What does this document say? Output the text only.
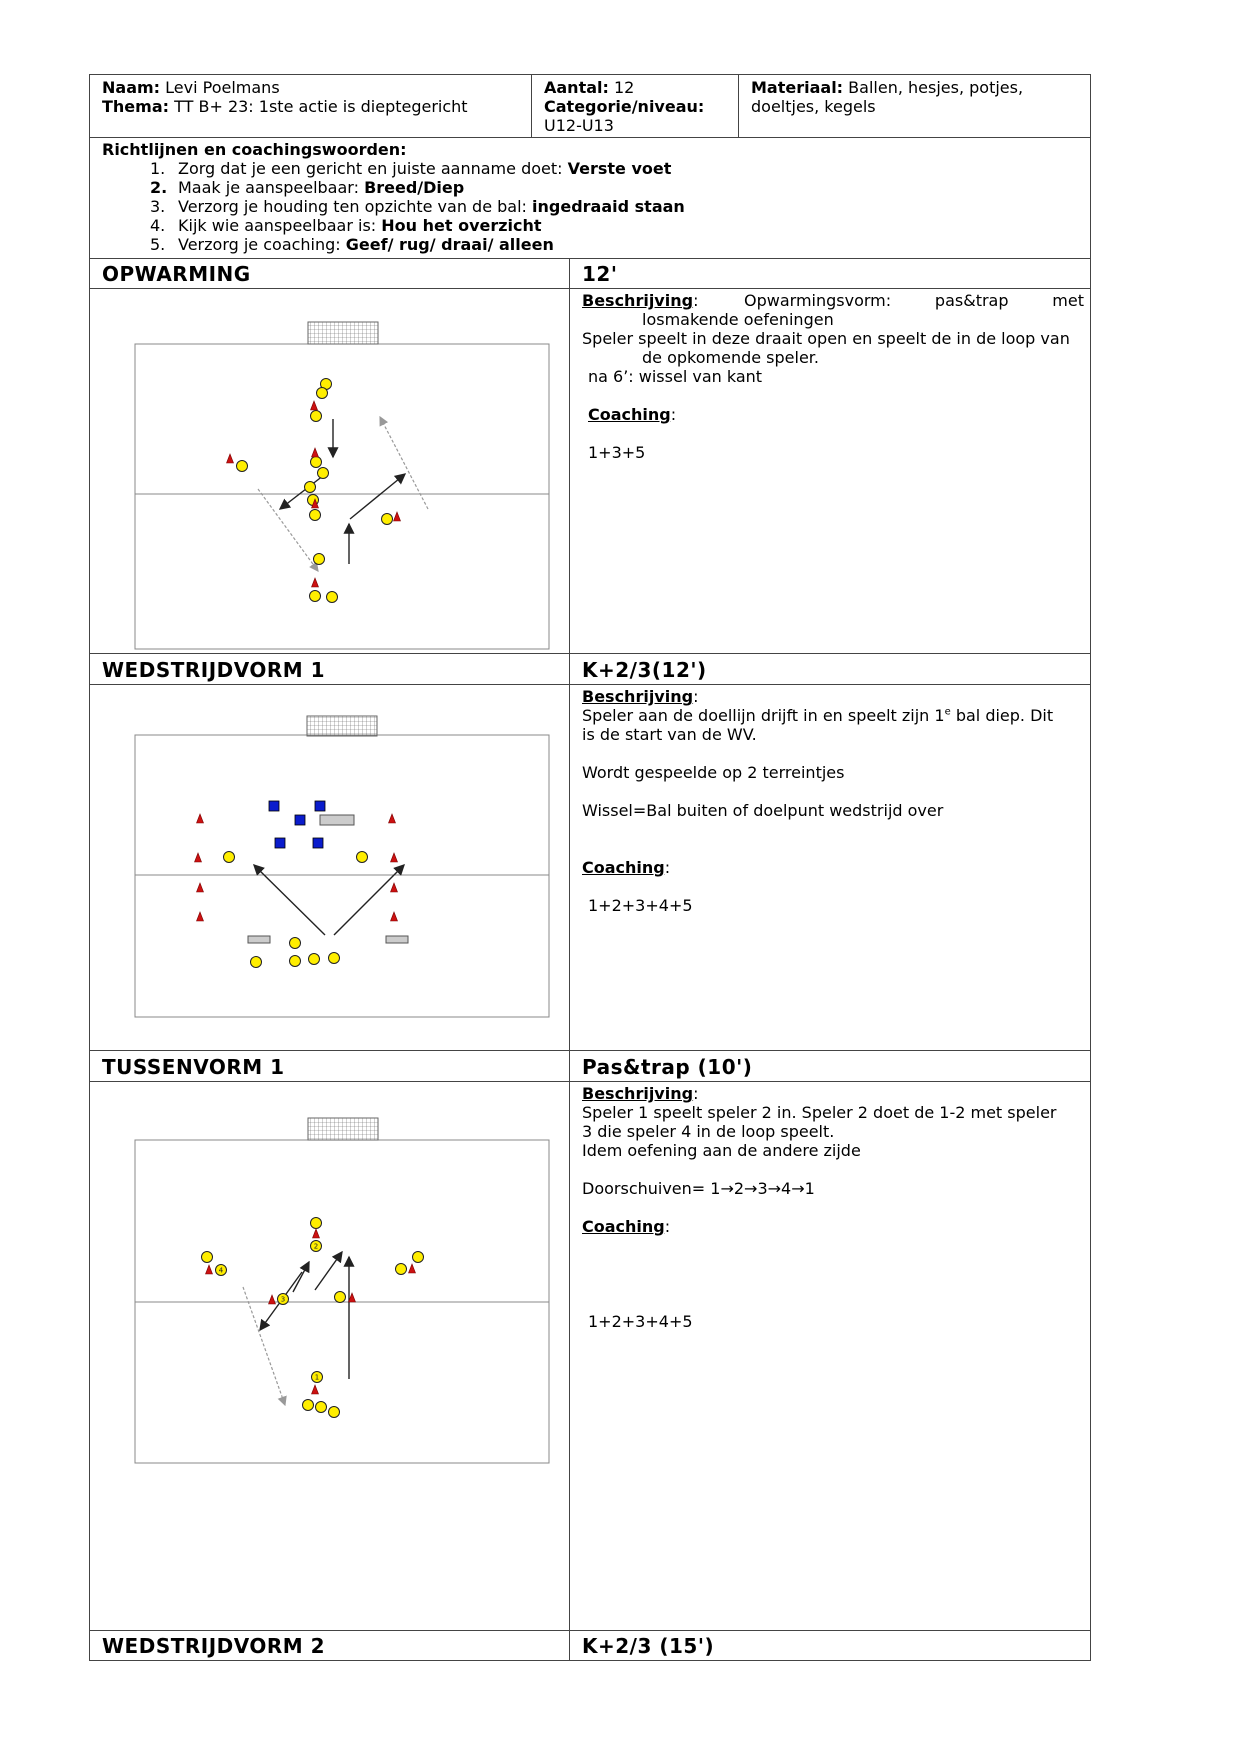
Naam: Levi Poelmans
Thema: TT B+ 23: 1ste actie is dieptegericht
Aantal: 12
Categorie/niveau:
U12-U13
Materiaal: Ballen, hesjes, potjes, doeltjes, kegels
Richtlijnen en coachingswoorden:
1. Zorg dat je een gericht en juiste aanname doet: Verste voet
2. Maak je aanspeelbaar: Breed/Diep
3. Verzorg je houding ten opzichte van de bal: ingedraaid staan
4. Kijk wie aanspeelbaar is: Hou het overzicht
5. Verzorg je coaching: Geef/ rug/ draai/ alleen
OPWARMING	12'
Beschrijving:	Opwarmingsvorm:	pas&trap	met

losmakende oefeningen

Speler speelt in deze draait open en speelt de in de loop van

de opkomende speler.

na 6’: wissel van kant

Coaching:

1+3+5

WEDSTRIJDVORM 1	K+2/3(12')

Beschrijving:

Speler aan de doellijn drijft in en speelt zijn 1e bal diep. Dit

is de start van de WV.

Wordt gespeelde op 2 terreintjes

Wissel=Bal buiten of doelpunt wedstrijd over

Coaching:

1+2+3+4+5

TUSSENVORM 1	Pas&trap (10')
2
4
3
1

Beschrijving:

Speler 1 speelt speler 2 in. Speler 2 doet de 1-2 met speler

3 die speler 4 in de loop speelt.

Idem oefening aan de andere zijde

Doorschuiven= 1→2→3→4→1

Coaching:

1+2+3+4+5

WEDSTRIJDVORM 2	K+2/3 (15')
